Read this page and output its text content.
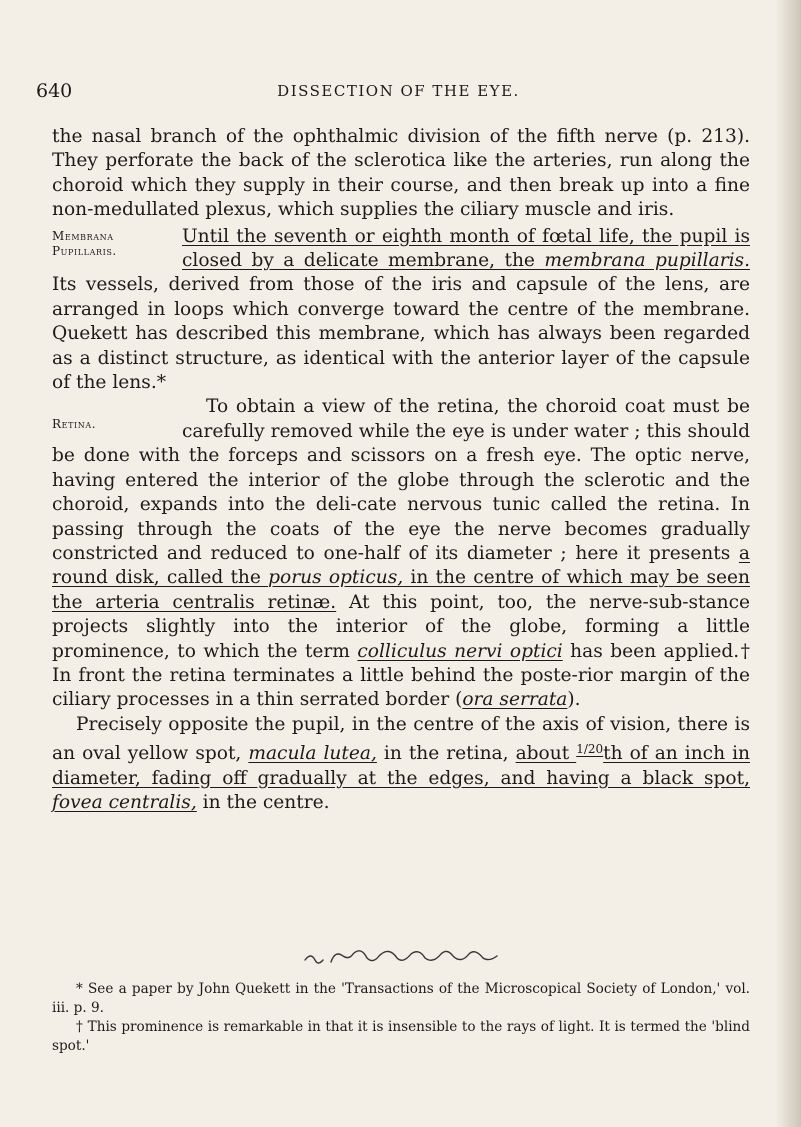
640	DISSECTION OF THE EYE.

the nasal branch of the ophthalmic division of the fifth nerve (p. 213). They perforate the back of the sclerotica like the arteries, run along the choroid which they supply in their course, and then break up into a fine non-medullated plexus, which supplies the ciliary muscle and iris.

Membrana Pupillaris.

Until the seventh or eighth month of fœtal life, the pupil is closed by a delicate membrane, the membrana pupillaris. Its vessels, derived from those of the iris and capsule of the lens, are arranged in loops which converge toward the centre of the membrane. Quekett has described this membrane, which has always been regarded as a distinct structure, as identical with the anterior layer of the capsule of the lens.*

Retina.

To obtain a view of the retina, the choroid coat must be carefully removed while the eye is under water ; this should be done with the forceps and scissors on a fresh eye. The optic nerve, having entered the interior of the globe through the sclerotic and the choroid, expands into the deli-cate nervous tunic called the retina. In passing through the coats of the eye the nerve becomes gradually constricted and reduced to one-half of its diameter ; here it presents a round disk, called the porus opticus, in the centre of which may be seen the arteria centralis retinæ. At this point, too, the nerve-sub-stance projects slightly into the interior of the globe, forming a little prominence, to which the term colliculus nervi optici has been applied.† In front the retina terminates a little behind the poste-rior margin of the ciliary processes in a thin serrated border (ora serrata).

Precisely opposite the pupil, in the centre of the axis of vision, there is an oval yellow spot, macula lutea, in the retina, about $^{1/20}$th of an inch in diameter, fading off gradually at the edges, and having a black spot, fovea centralis, in the centre.

* See a paper by John Quekett in the 'Transactions of the Microscopical Society of London,' vol. iii. p. 9.

† This prominence is remarkable in that it is insensible to the rays of light. It is termed the 'blind spot.'
